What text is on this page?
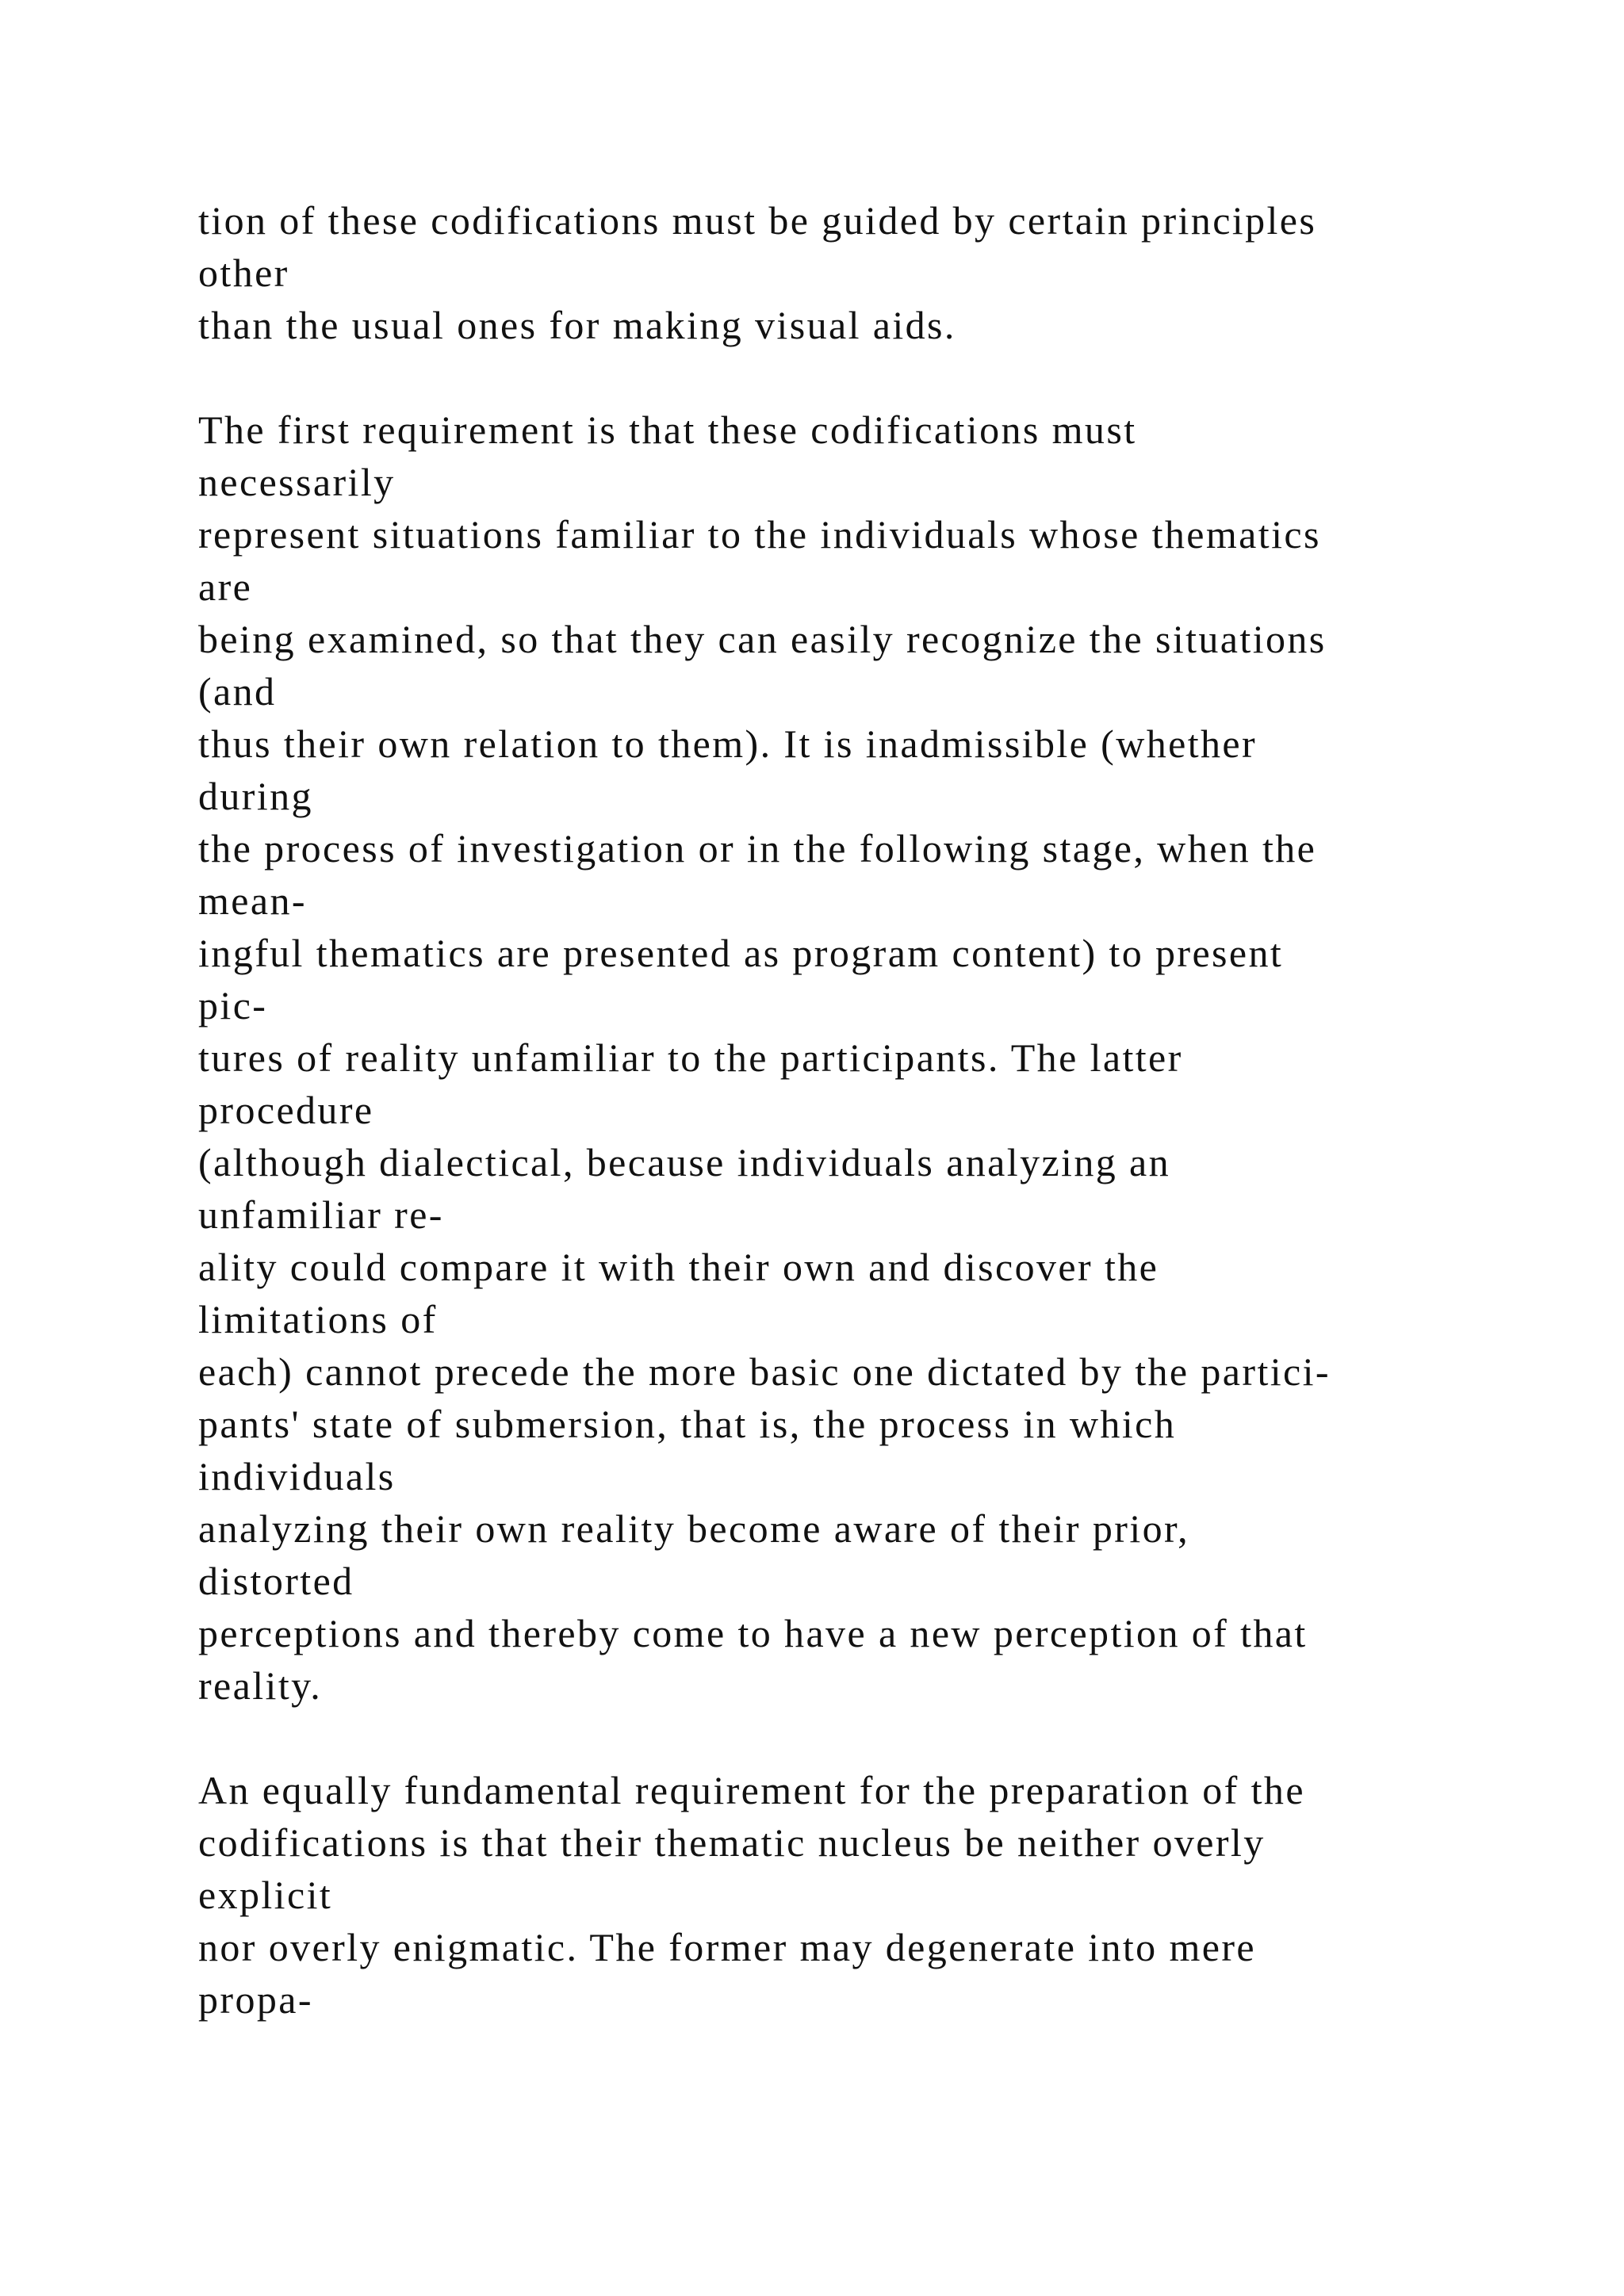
tion of these codifications must be guided by certain principles
other
than the usual ones for making visual aids.
The first requirement is that these codifications must
necessarily
represent situations familiar to the individuals whose thematics
are
being examined, so that they can easily recognize the situations
(and
thus their own relation to them). It is inadmissible (whether
during
the process of investigation or in the following stage, when the
mean-
ingful thematics are presented as program content) to present
pic-
tures of reality unfamiliar to the participants. The latter
procedure
(although dialectical, because individuals analyzing an
unfamiliar re-
ality could compare it with their own and discover the
limitations of
each) cannot precede the more basic one dictated by the partici-
pants' state of submersion, that is, the process in which
individuals
analyzing their own reality become aware of their prior,
distorted
perceptions and thereby come to have a new perception of that
reality.
An equally fundamental requirement for the preparation of the
codifications is that their thematic nucleus be neither overly
explicit
nor overly enigmatic. The former may degenerate into mere
propa-
